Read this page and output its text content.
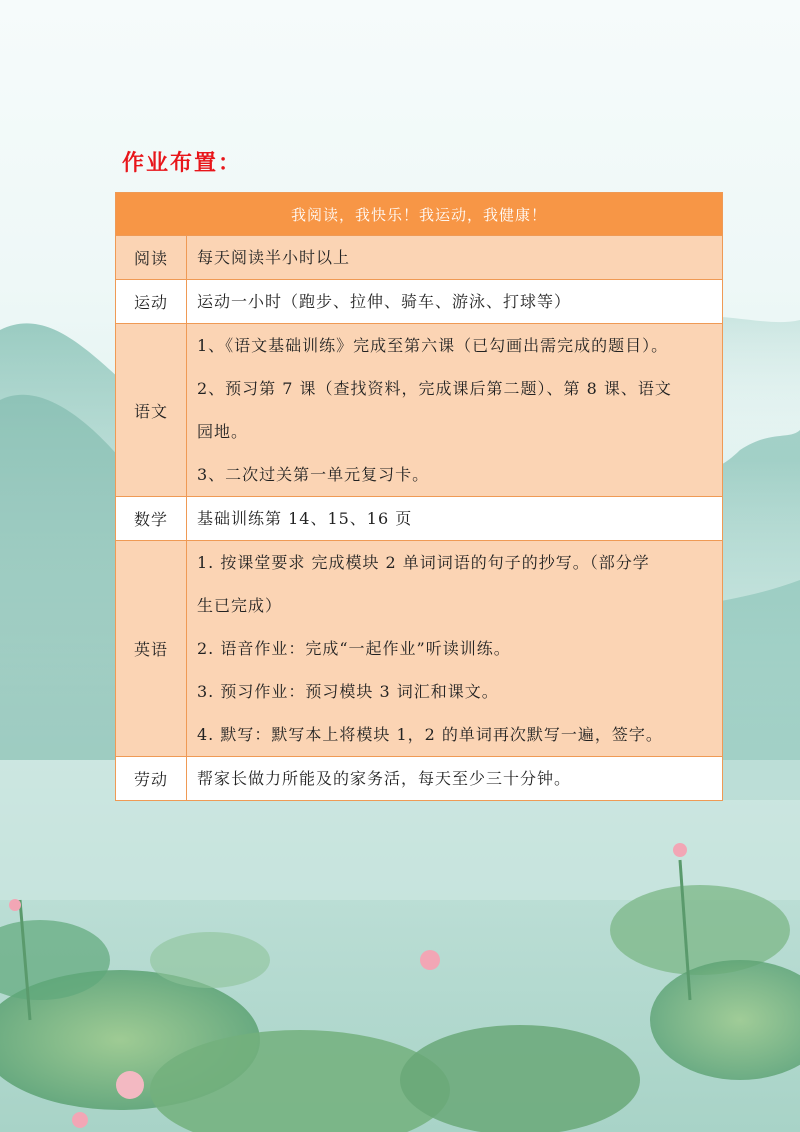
作业布置：
我阅读，我快乐！我运动，我健康！	
阅读	每天阅读半小时以上

运动	运动一小时（跑步、拉伸、骑车、游泳、打球等）

语文	1、《语文基础训练》完成至第六课（已勾画出需完成的题目）。
2、预习第 7 课（查找资料，完成课后第二题）、第 8 课、语文
园地。
3、二次过关第一单元复习卡。

数学	基础训练第 14、15、16 页

英语	1. 按课堂要求 完成模块 2 单词词语的句子的抄写。（部分学
生已完成）
2. 语音作业：完成“一起作业”听读训练。
3. 预习作业：预习模块 3 词汇和课文。
4. 默写：默写本上将模块 1，2 的单词再次默写一遍，签字。

劳动	帮家长做力所能及的家务活，每天至少三十分钟。
